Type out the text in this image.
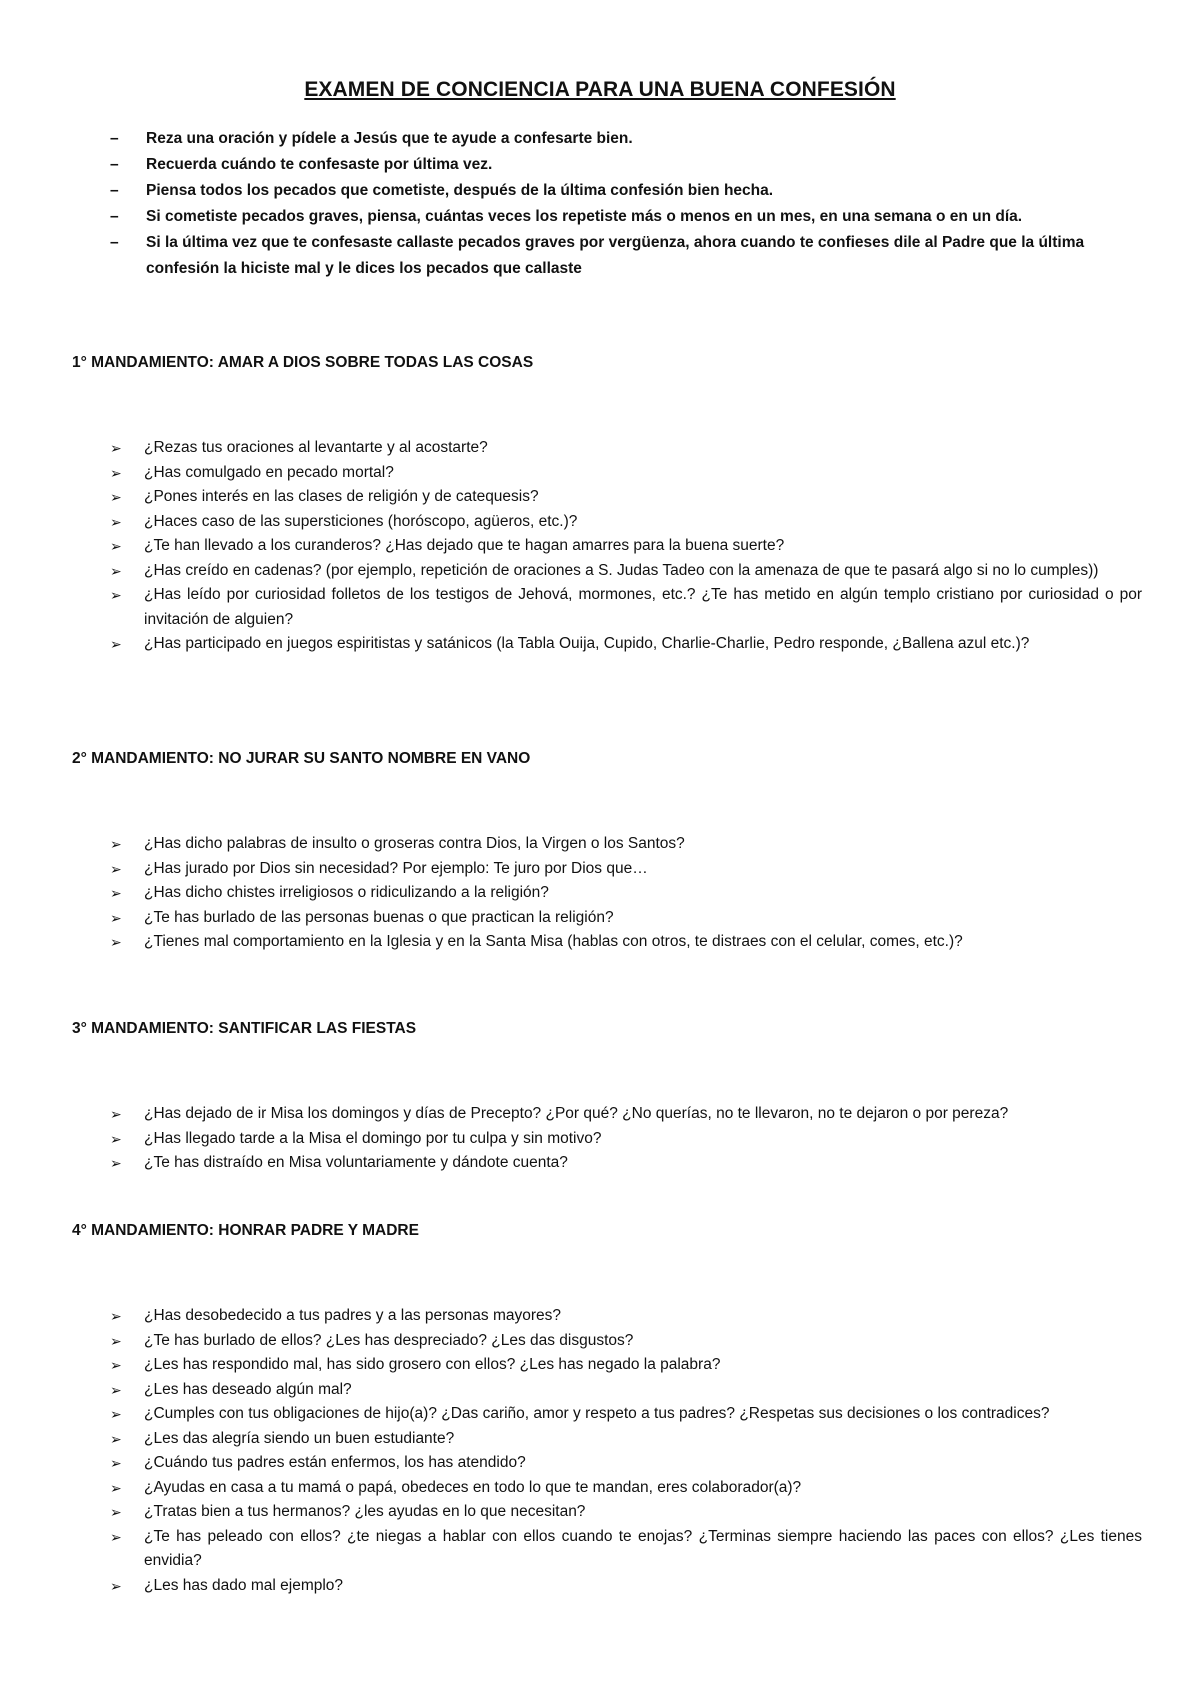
EXAMEN DE CONCIENCIA PARA UNA BUENA CONFESIÓN
– Reza una oración y pídele a Jesús que te ayude a confesarte bien.
– Recuerda cuándo te confesaste por última vez.
– Piensa todos los pecados que cometiste, después de la última confesión bien hecha.
– Si cometiste pecados graves, piensa, cuántas veces los repetiste más o menos en un mes, en una semana o en un día.
– Si la última vez que te confesaste callaste pecados graves por vergüenza, ahora cuando te confieses dile al Padre que la última confesión la hiciste mal y le dices los pecados que callaste
1° MANDAMIENTO: AMAR A DIOS SOBRE TODAS LAS COSAS
➢ ¿Rezas tus oraciones al levantarte y al acostarte?
➢ ¿Has comulgado en pecado mortal?
➢ ¿Pones interés en las clases de religión y de catequesis?
➢ ¿Haces caso de las supersticiones (horóscopo, agüeros, etc.)?
➢ ¿Te han llevado a los curanderos? ¿Has dejado que te hagan amarres para la buena suerte?
➢ ¿Has creído en cadenas? (por ejemplo, repetición de oraciones a S. Judas Tadeo con la amenaza de que te pasará algo si no lo cumples))
➢ ¿Has leído por curiosidad folletos de los testigos de Jehová, mormones, etc.? ¿Te has metido en algún templo cristiano por curiosidad o por invitación de alguien?
➢ ¿Has participado en juegos espiritistas y satánicos (la Tabla Ouija, Cupido, Charlie-Charlie, Pedro responde, ¿Ballena azul etc.)?
2° MANDAMIENTO: NO JURAR SU SANTO NOMBRE EN VANO
➢ ¿Has dicho palabras de insulto o groseras contra Dios, la Virgen o los Santos?
➢ ¿Has jurado por Dios sin necesidad? Por ejemplo: Te juro por Dios que…
➢ ¿Has dicho chistes irreligiosos o ridiculizando a la religión?
➢ ¿Te has burlado de las personas buenas o que practican la religión?
➢ ¿Tienes mal comportamiento en la Iglesia y en la Santa Misa (hablas con otros, te distraes con el celular, comes, etc.)?
3° MANDAMIENTO: SANTIFICAR LAS FIESTAS
➢ ¿Has dejado de ir Misa los domingos y días de Precepto? ¿Por qué? ¿No querías, no te llevaron, no te dejaron o por pereza?
➢ ¿Has llegado tarde a la Misa el domingo por tu culpa y sin motivo?
➢ ¿Te has distraído en Misa voluntariamente y dándote cuenta?
4° MANDAMIENTO: HONRAR PADRE Y MADRE
➢ ¿Has desobedecido a tus padres y a las personas mayores?
➢ ¿Te has burlado de ellos? ¿Les has despreciado? ¿Les das disgustos?
➢ ¿Les has respondido mal, has sido grosero con ellos? ¿Les has negado la palabra?
➢ ¿Les has deseado algún mal?
➢ ¿Cumples con tus obligaciones de hijo(a)? ¿Das cariño, amor y respeto a tus padres? ¿Respetas sus decisiones o los contradices?
➢ ¿Les das alegría siendo un buen estudiante?
➢ ¿Cuándo tus padres están enfermos, los has atendido?
➢ ¿Ayudas en casa a tu mamá o papá, obedeces en todo lo que te mandan, eres colaborador(a)?
➢ ¿Tratas bien a tus hermanos? ¿les ayudas en lo que necesitan?
➢ ¿Te has peleado con ellos? ¿te niegas a hablar con ellos cuando te enojas? ¿Terminas siempre haciendo las paces con ellos? ¿Les tienes envidia?
➢ ¿Les has dado mal ejemplo?
